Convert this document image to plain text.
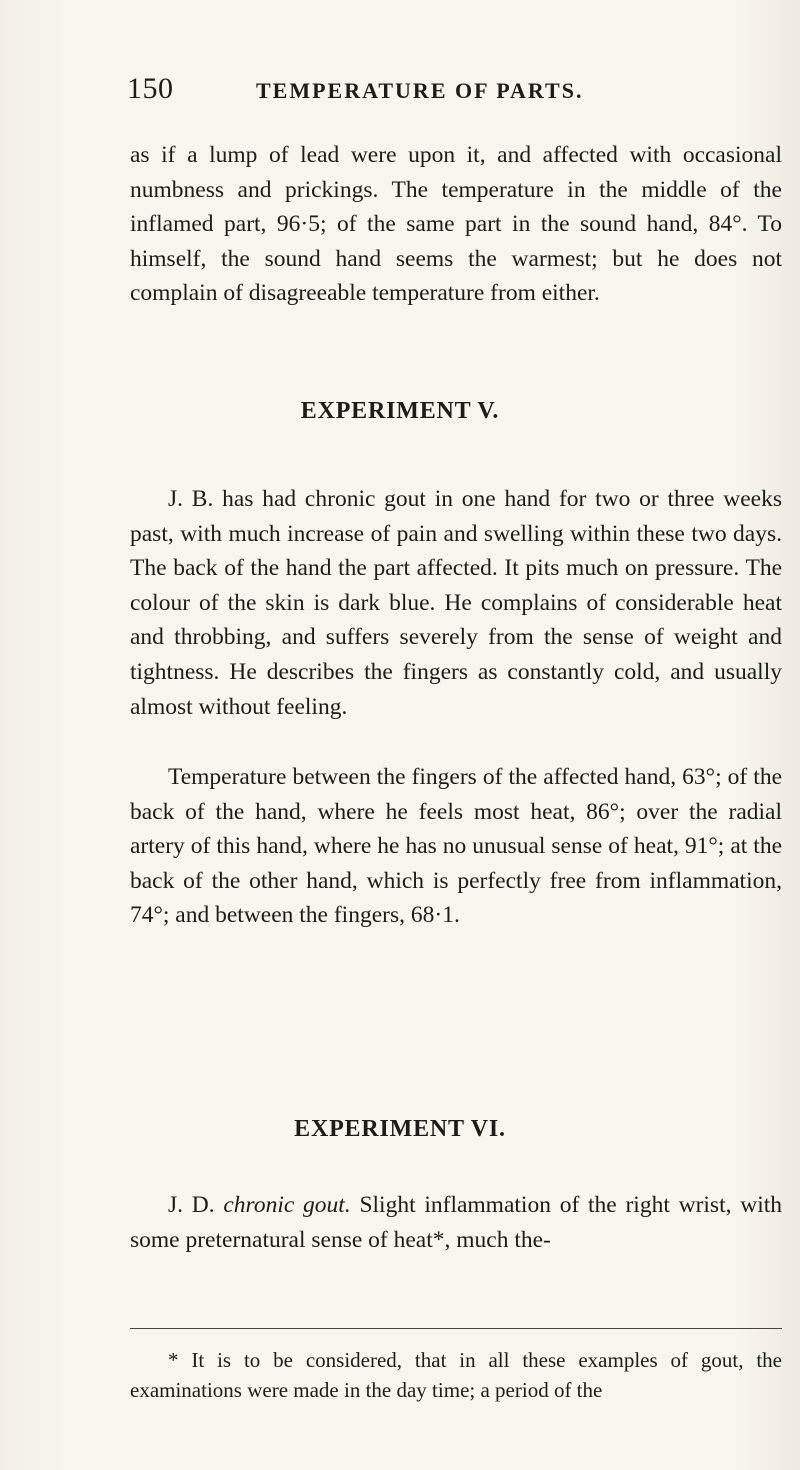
150	TEMPERATURE OF PARTS.

as if a lump of lead were upon it, and affected with occasional numbness and prickings. The temperature in the middle of the inflamed part, 96·5; of the same part in the sound hand, 84°. To himself, the sound hand seems the warmest; but he does not complain of disagreeable temperature from either.

EXPERIMENT V.

J. B. has had chronic gout in one hand for two or three weeks past, with much increase of pain and swelling within these two days. The back of the hand the part affected. It pits much on pressure. The colour of the skin is dark blue. He complains of considerable heat and throbbing, and suffers severely from the sense of weight and tightness. He describes the fingers as constantly cold, and usually almost without feeling.

Temperature between the fingers of the affected hand, 63°; of the back of the hand, where he feels most heat, 86°; over the radial artery of this hand, where he has no unusual sense of heat, 91°; at the back of the other hand, which is perfectly free from inflammation, 74°; and between the fingers, 68·1.

EXPERIMENT VI.

J. D. chronic gout. Slight inflammation of the right wrist, with some preternatural sense of heat*, much the-

* It is to be considered, that in all these examples of gout, the examinations were made in the day time; a period of the
